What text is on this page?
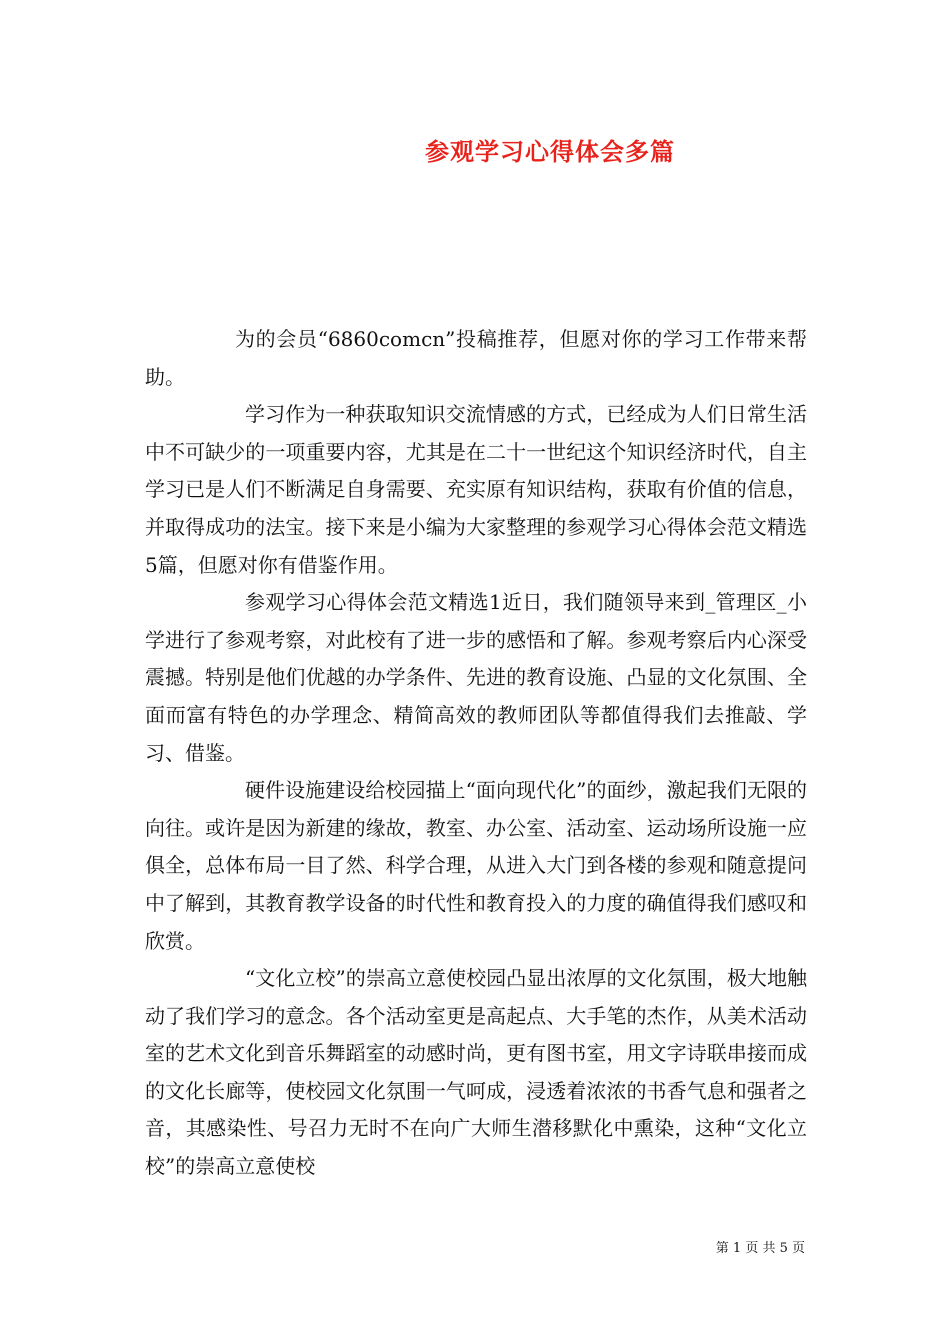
参观学习心得体会多篇

为的会员“6860comcn”投稿推荐，但愿对你的学习工作带来帮助。

学习作为一种获取知识交流情感的方式，已经成为人们日常生活中不可缺少的一项重要内容，尤其是在二十一世纪这个知识经济时代，自主学习已是人们不断满足自身需要、充实原有知识结构，获取有价值的信息，并取得成功的法宝。接下来是小编为大家整理的参观学习心得体会范文精选5篇，但愿对你有借鉴作用。

参观学习心得体会范文精选1近日，我们随领导来到_管理区_小学进行了参观考察，对此校有了进一步的感悟和了解。参观考察后内心深受震撼。特别是他们优越的办学条件、先进的教育设施、凸显的文化氛围、全面而富有特色的办学理念、精简高效的教师团队等都值得我们去推敲、学习、借鉴。

硬件设施建设给校园描上“面向现代化”的面纱，激起我们无限的向往。或许是因为新建的缘故，教室、办公室、活动室、运动场所设施一应俱全，总体布局一目了然、科学合理，从进入大门到各楼的参观和随意提问中了解到，其教育教学设备的时代性和教育投入的力度的确值得我们感叹和欣赏。

“文化立校”的崇高立意使校园凸显出浓厚的文化氛围，极大地触动了我们学习的意念。各个活动室更是高起点、大手笔的杰作，从美术活动室的艺术文化到音乐舞蹈室的动感时尚，更有图书室，用文字诗联串接而成的文化长廊等，使校园文化氛围一气呵成，浸透着浓浓的书香气息和强者之音，其感染性、号召力无时不在向广大师生潜移默化中熏染，这种“文化立校”的崇高立意使校

第 1 页 共 5 页
